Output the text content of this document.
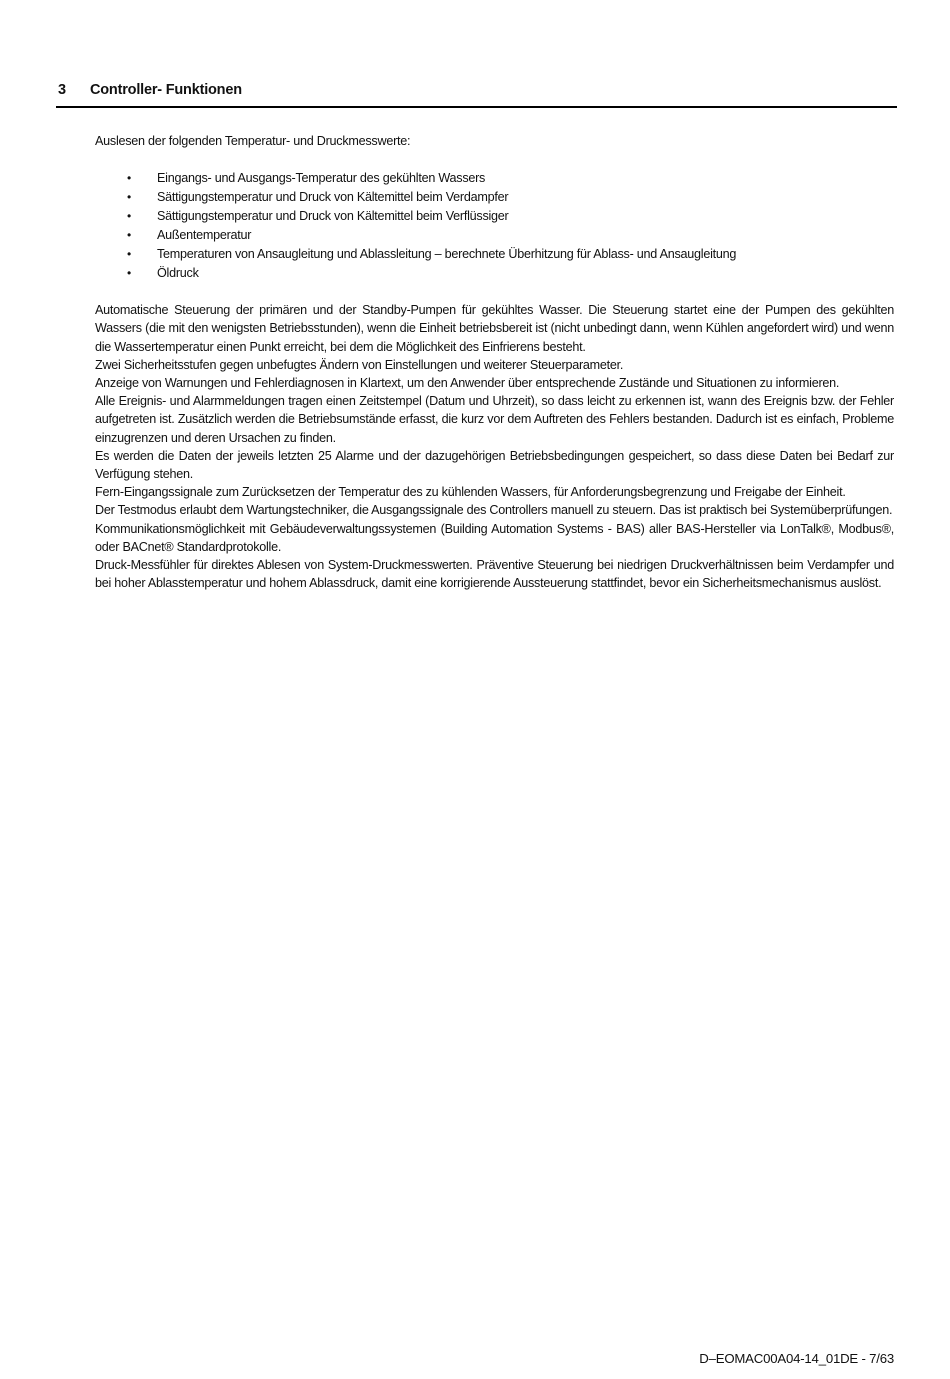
3 Controller- Funktionen

Auslesen der folgenden Temperatur- und Druckmesswerte:

• Eingangs- und Ausgangs-Temperatur des gekühlten Wassers
• Sättigungstemperatur und Druck von Kältemittel beim Verdampfer
• Sättigungstemperatur und Druck von Kältemittel beim Verflüssiger
• Außentemperatur
• Temperaturen von Ansaugleitung und Ablassleitung – berechnete Überhitzung für Ablass- und Ansaugleitung
• Öldruck

Automatische Steuerung der primären und der Standby-Pumpen für gekühltes Wasser. Die Steuerung startet eine der Pumpen des gekühlten Wassers (die mit den wenigsten Betriebsstunden), wenn die Einheit betriebsbereit ist (nicht unbedingt dann, wenn Kühlen angefordert wird) und wenn die Wassertemperatur einen Punkt erreicht, bei dem die Möglichkeit des Einfrierens besteht.

Zwei Sicherheitsstufen gegen unbefugtes Ändern von Einstellungen und weiterer Steuerparameter.

Anzeige von Warnungen und Fehlerdiagnosen in Klartext, um den Anwender über entsprechende Zustände und Situationen zu informieren.

Alle Ereignis- und Alarmmeldungen tragen einen Zeitstempel (Datum und Uhrzeit), so dass leicht zu erkennen ist, wann des Ereignis bzw. der Fehler aufgetreten ist. Zusätzlich werden die Betriebsumstände erfasst, die kurz vor dem Auftreten des Fehlers bestanden. Dadurch ist es einfach, Probleme einzugrenzen und deren Ursachen zu finden.

Es werden die Daten der jeweils letzten 25 Alarme und der dazugehörigen Betriebsbedingungen gespeichert, so dass diese Daten bei Bedarf zur Verfügung stehen.

Fern-Eingangssignale zum Zurücksetzen der Temperatur des zu kühlenden Wassers, für Anforderungsbegrenzung und Freigabe der Einheit.

Der Testmodus erlaubt dem Wartungstechniker, die Ausgangssignale des Controllers manuell zu steuern. Das ist praktisch bei Systemüberprüfungen.

Kommunikationsmöglichkeit mit Gebäudeverwaltungssystemen (Building Automation Systems - BAS) aller BAS-Hersteller via LonTalk®, Modbus®, oder BACnet® Standardprotokolle.

Druck-Messfühler für direktes Ablesen von System-Druckmesswerten. Präventive Steuerung bei niedrigen Druckverhältnissen beim Verdampfer und bei hoher Ablasstemperatur und hohem Ablassdruck, damit eine korrigierende Aussteuerung stattfindet, bevor ein Sicherheitsmechanismus auslöst.

D–EOMAC00A04-14_01DE - 7/63
